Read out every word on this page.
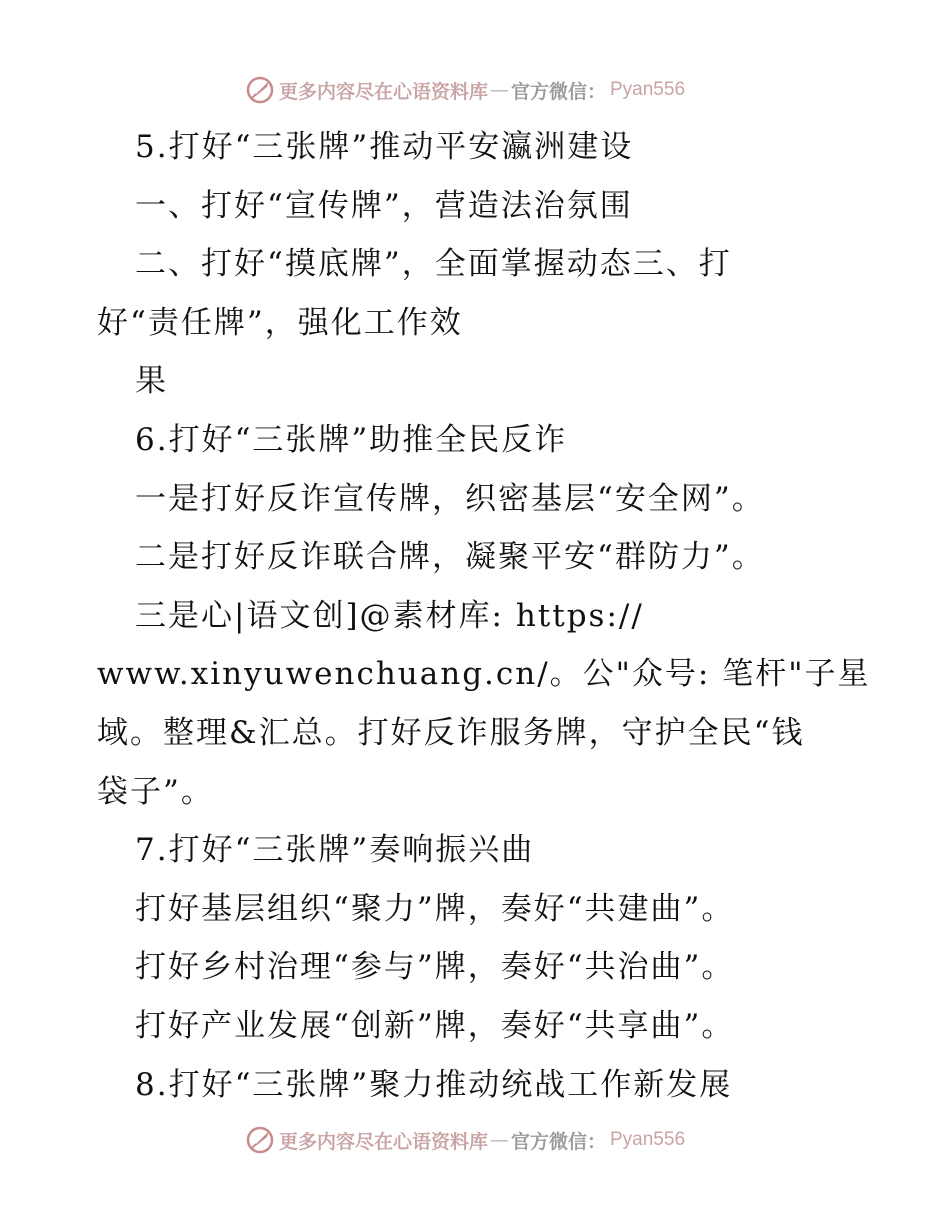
更多内容尽在心语资料库 — 官方微信： Pyan556
5.打好“三张牌”推动平安瀛洲建设
一、打好“宣传牌”，营造法治氛围
二、打好“摸底牌”，全面掌握动态三、打
好“责任牌”，强化工作效
果
6.打好“三张牌”助推全民反诈
一是打好反诈宣传牌，织密基层“安全网”。
二是打好反诈联合牌，凝聚平安“群防力”。
三是心|语文创]@素材库: https://
www.xinyuwenchuang.cn/。公"众号: 笔杆"子星
域。整理&汇总。打好反诈服务牌，守护全民“钱
袋子”。
7.打好“三张牌”奏响振兴曲
打好基层组织“聚力”牌，奏好“共建曲”。
打好乡村治理“参与”牌，奏好“共治曲”。
打好产业发展“创新”牌，奏好“共享曲”。
8.打好“三张牌”聚力推动统战工作新发展
更多内容尽在心语资料库 — 官方微信： Pyan556
